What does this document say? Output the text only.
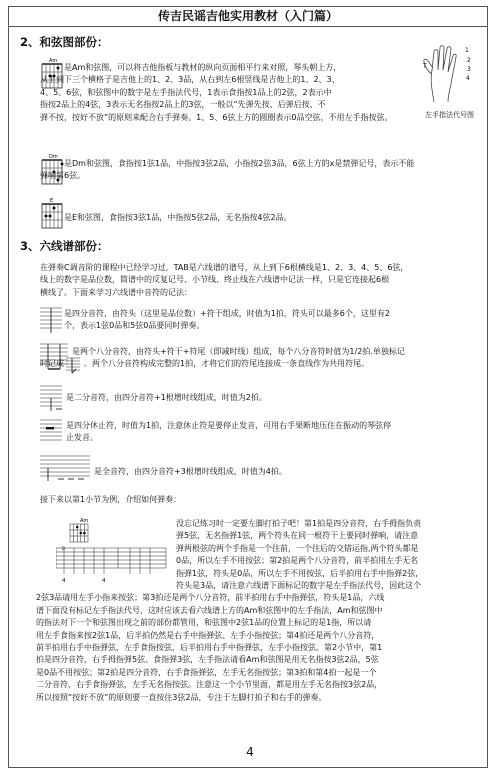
传吉民谣吉他实用教材（入门篇）
2、和弦图部份：
Am

是Am和弦图，可以将吉他指板与教材的纵向页面相平行来对照，琴头朝上方，

从上到下三个横格子是吉他上的1、2、3品，从右到左6根竖线是吉他上的1、2、3、

4、5、6弦，和弦图中的数字是左手指法代号，1表示食指按1品上的2弦，2表示中

指按2品上的4弦，3表示无名指按2品上的3弦，一般以“先弹先按、后弹后按、不

弹不按，按好不放”的原则来配合右手弹奏。1、5、6弦上方的圆圈表示0品空弦，不用左手指按弦。

T
1
2
3
4
左手指法代号图
Dm

是Dm和弦图，食指按1弦1品，中指按3弦2品，小指按2弦3品，6弦上方的x是禁弹记号，表示不能

弹响第6弦。

E

是E和弦图，食指按3弦1品，中指按5弦2品，无名指按4弦2品。

3、六线谱部份：

在弹奏C调音阶的课程中已经学习过，TAB是六线谱的谱号，从上到下6根横线是1、2、3、4、5、6弦，

线上的数字是品位数，简谱中的反复记号、小节线、终止线在六线谱中记法一样，只是它连接起6根

横线了。下面来学习六线谱中音符的记法：

是四分音符，由符头（这里是品位数）+符干组成，时值为1拍，符头可以最多6个，这里有2

个，表示1弦0品和5弦0品要同时弹奏。

是两个八分音符，由符头+符干+符尾（即减时线）组成，每个八分音符时值为1/2拍.单独标记

时记成	。两个八分音符构成完整的1拍，才将它们的符尾连接成一条直线作为共用符尾。

是二分音符，由四分音符+1根增时线组成，时值为2拍。

是四分休止符，时值为1拍，注意休止符是要停止发音，可用右手果断地压住在振动的琴弦停

止发音。

是全音符，由四分音符+3根增时线组成，时值为4拍。

接下来以第1小节为例，介绍如何弹奏：
Am
0
4	4

没忘记练习时一定要左脚打拍子吧！第1拍是四分音符，右手拇指负责

弹5弦，无名指弹1弦，两个符头在同一根符干上要同时弹响，请注意

弹两根弦的两个手指是一个往前，一个往后的交错运指,两个符头都是

0品，所以左手不用按弦；第2拍是两个八分音符，前半拍用左手无名

指弹1弦，符头是0品，所以左手不用按弦，后半拍用右手中指弹2弦，

符头是3品，请注意六线谱下面标记的数字是左手指法代号，因此这个

2弦3品请用左手小指来按弦；第3拍还是两个八分音符，前半拍用右手中指弹弦，符头是1品，六线

谱下面没有标记左手指法代号，这时应该去看六线谱上方的Am和弦图中的左手指法，Am和弦图中

的指法对下一个和弦图出现之前的部份都管用，和弦图中2弦1品的位置上标记的是1指，所以请

用左手食指来按2弦1品，后半拍仍然是右手中指弹弦、左手小指按弦；第4拍还是两个八分音符，

前半拍用右手中指弹弦，左手食指按弦，后半拍用右手中指弹弦，左手小指按弦。第2小节中，第1

拍是四分音符，右手拇指弹5弦、食指弹3弦，左手指法请看Am和弦图是用无名指按3弦2品，5弦

是0品不用按弦；第2拍是四分音符，右手食指弹弦，左手无名指按弦；第3拍和第4拍一起是一个

二分音符，右手食指弹弦，左手无名指按弦。注意这一个小节里面，都是用左手无名指按3弦2品，

所以按照“按好不放”的原则要一直按住3弦2品，专注于左脚打拍子和右手的弹奏。

4
